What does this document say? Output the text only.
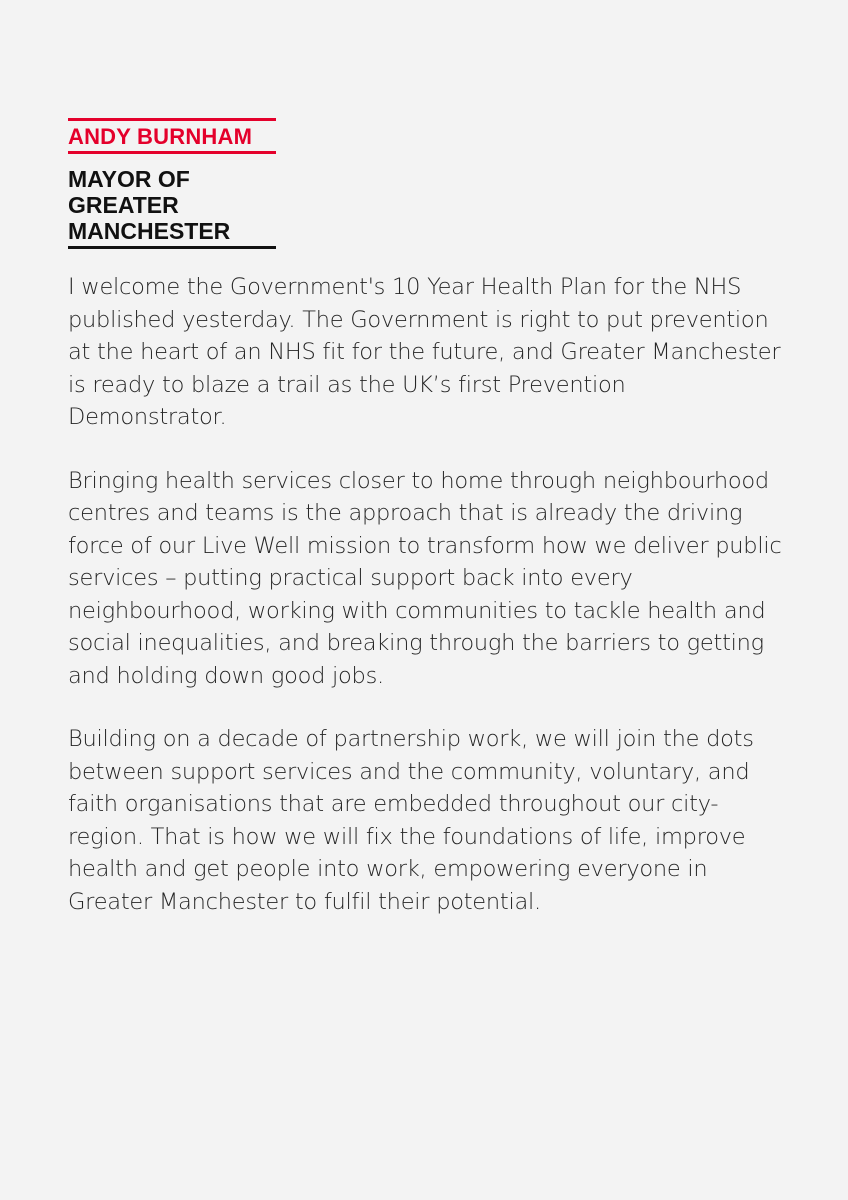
ANDY BURNHAM
MAYOR OF
GREATER
MANCHESTER

I welcome the Government's 10 Year Health Plan for the NHS published yesterday. The Government is right to put prevention at the heart of an NHS fit for the future, and Greater Manchester is ready to blaze a trail as the UK’s first Prevention Demonstrator.

Bringing health services closer to home through neighbourhood centres and teams is the approach that is already the driving force of our Live Well mission to transform how we deliver public services – putting practical support back into every neighbourhood, working with communities to tackle health and social inequalities, and breaking through the barriers to getting and holding down good jobs.

Building on a decade of partnership work, we will join the dots between support services and the community, voluntary, and faith organisations that are embedded throughout our city-region. That is how we will fix the foundations of life, improve health and get people into work, empowering everyone in Greater Manchester to fulfil their potential.
